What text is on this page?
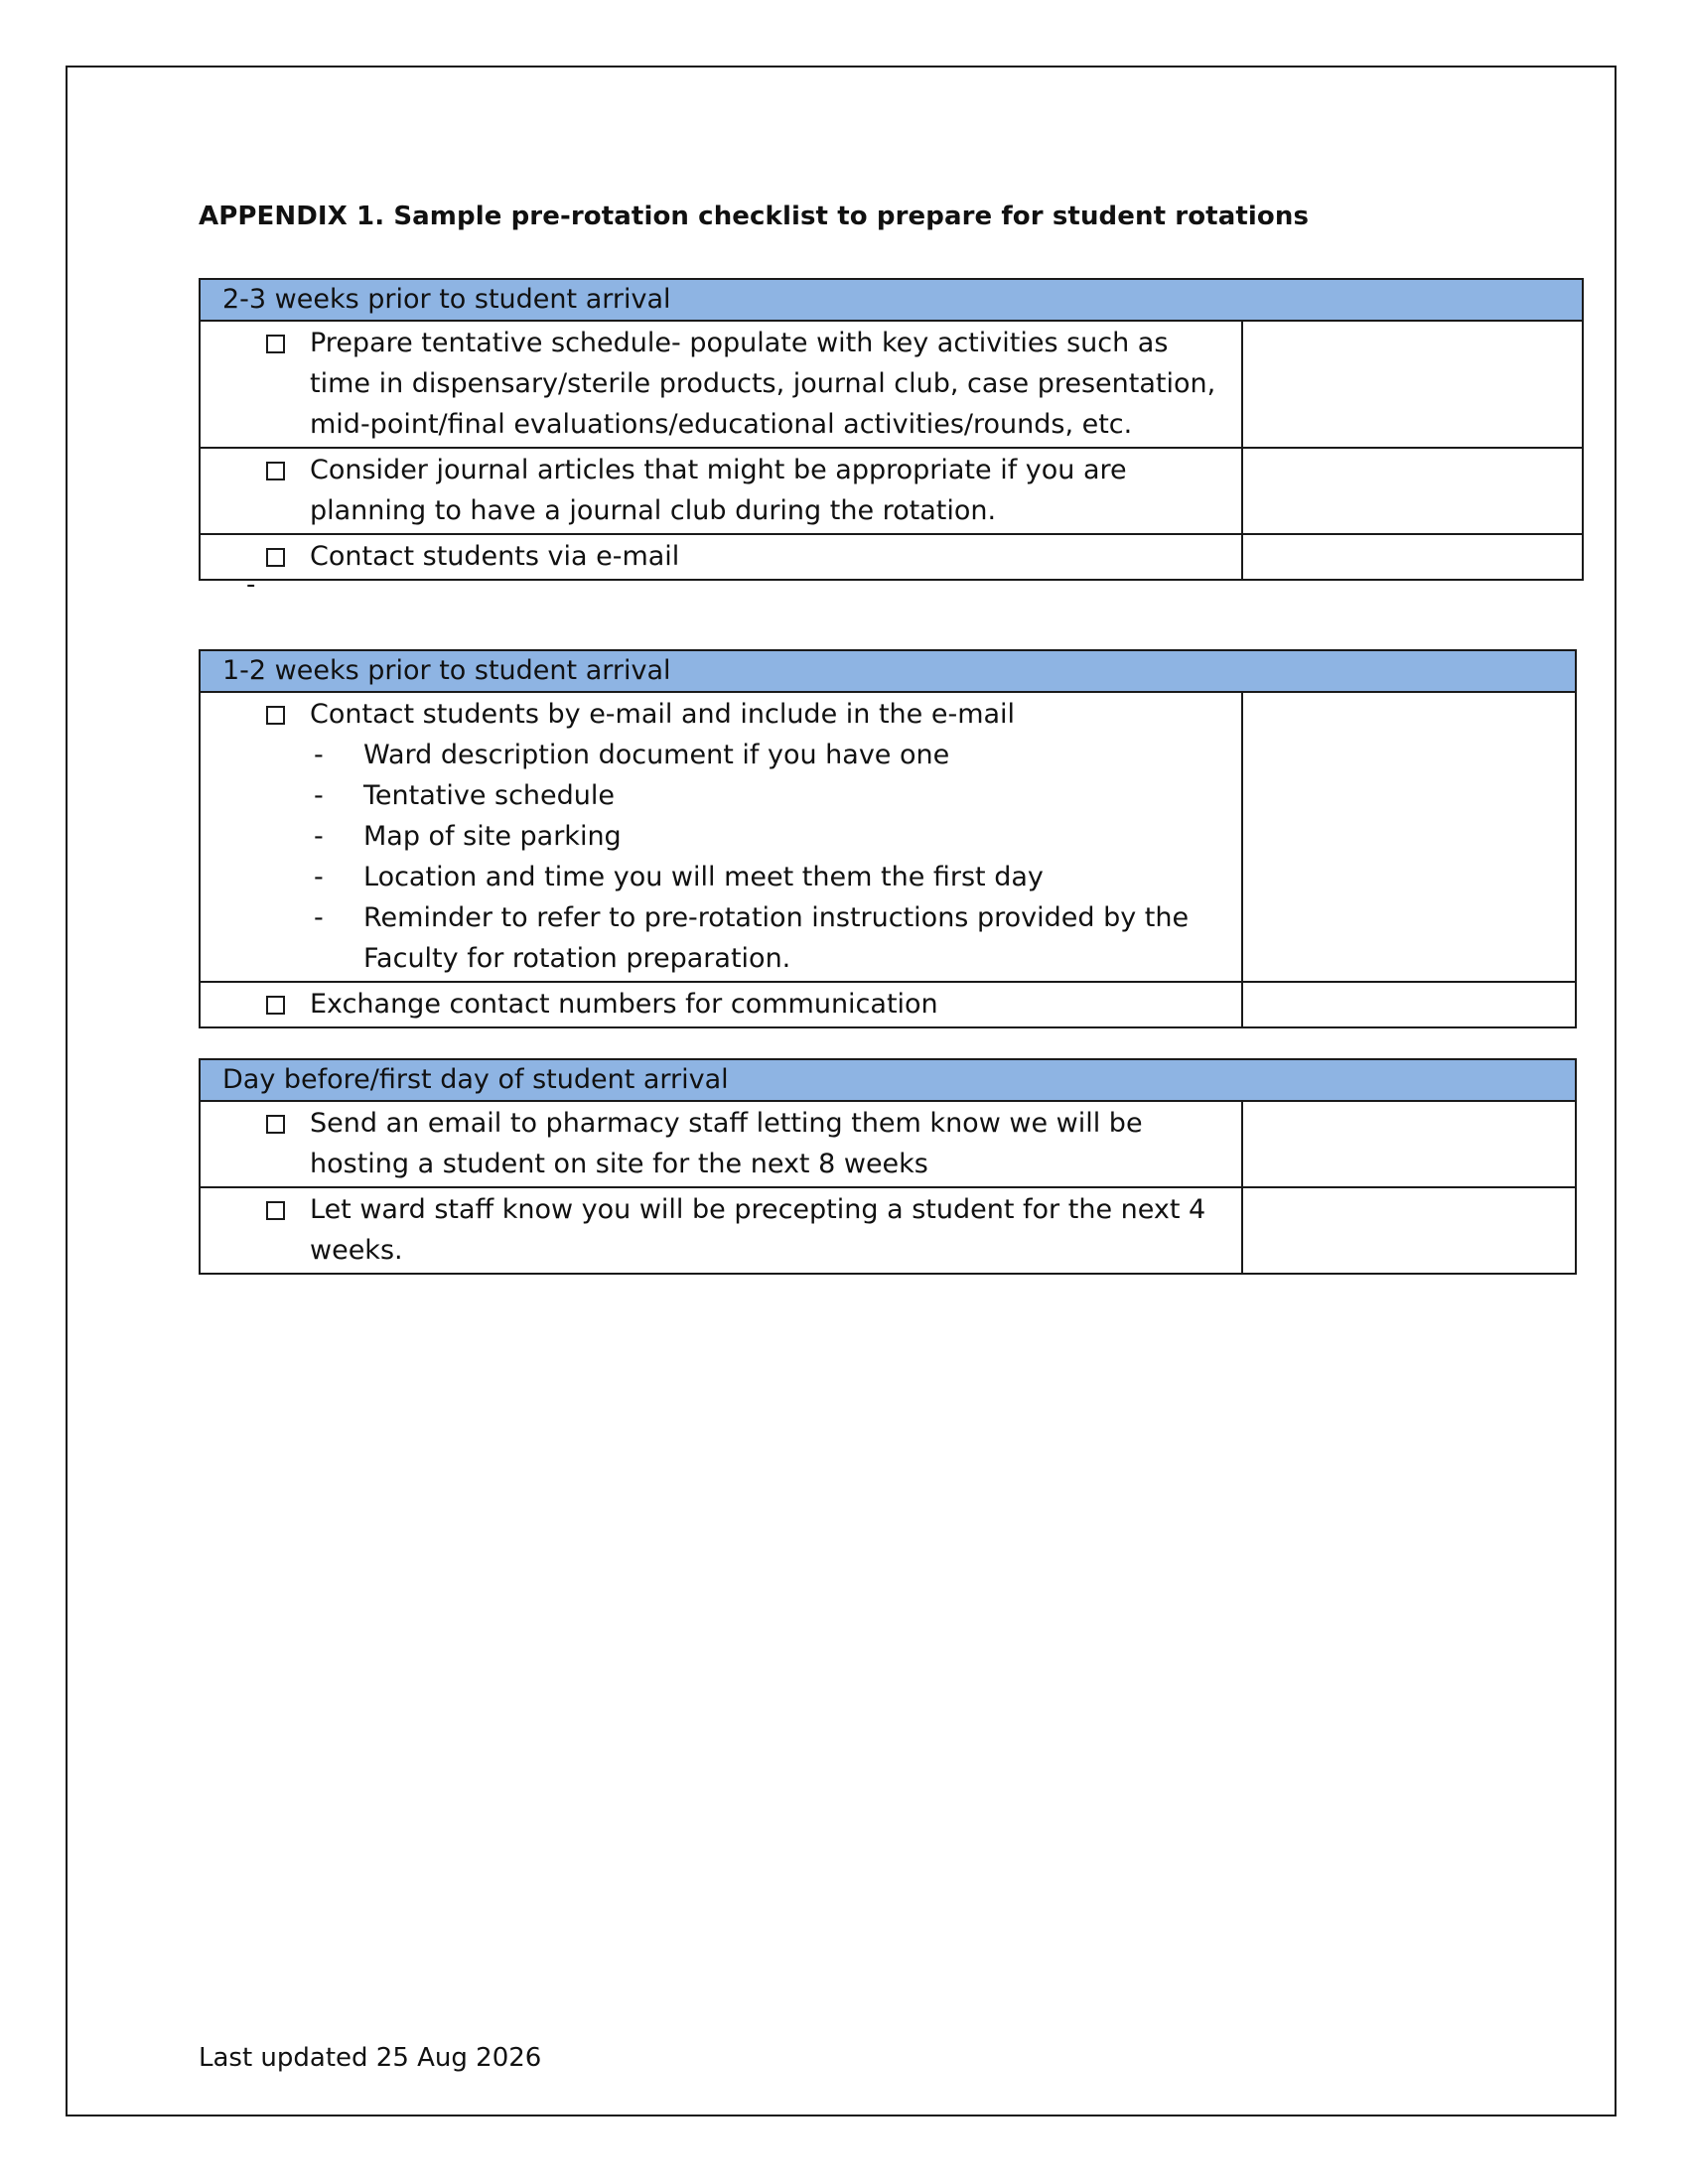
APPENDIX 1. Sample pre-rotation checklist to prepare for student rotations
2-3 weeks prior to student arrival
Prepare tentative schedule- populate with key activities such as
time in dispensary/sterile products, journal club, case presentation,
mid-point/final evaluations/educational activities/rounds, etc.
Consider journal articles that might be appropriate if you are
planning to have a journal club during the rotation.
Contact students via e-mail
-
1-2 weeks prior to student arrival
Contact students by e-mail and include in the e-mail
-	Ward description document if you have one
-	Tentative schedule
-	Map of site parking
-	Location and time you will meet them the first day
-	Reminder to refer to pre-rotation instructions provided by the
Faculty for rotation preparation.
Exchange contact numbers for communication
Day before/first day of student arrival
Send an email to pharmacy staff letting them know we will be
hosting a student on site for the next 8 weeks
Let ward staff know you will be precepting a student for the next 4
weeks.
Last updated 25 Aug 2026
